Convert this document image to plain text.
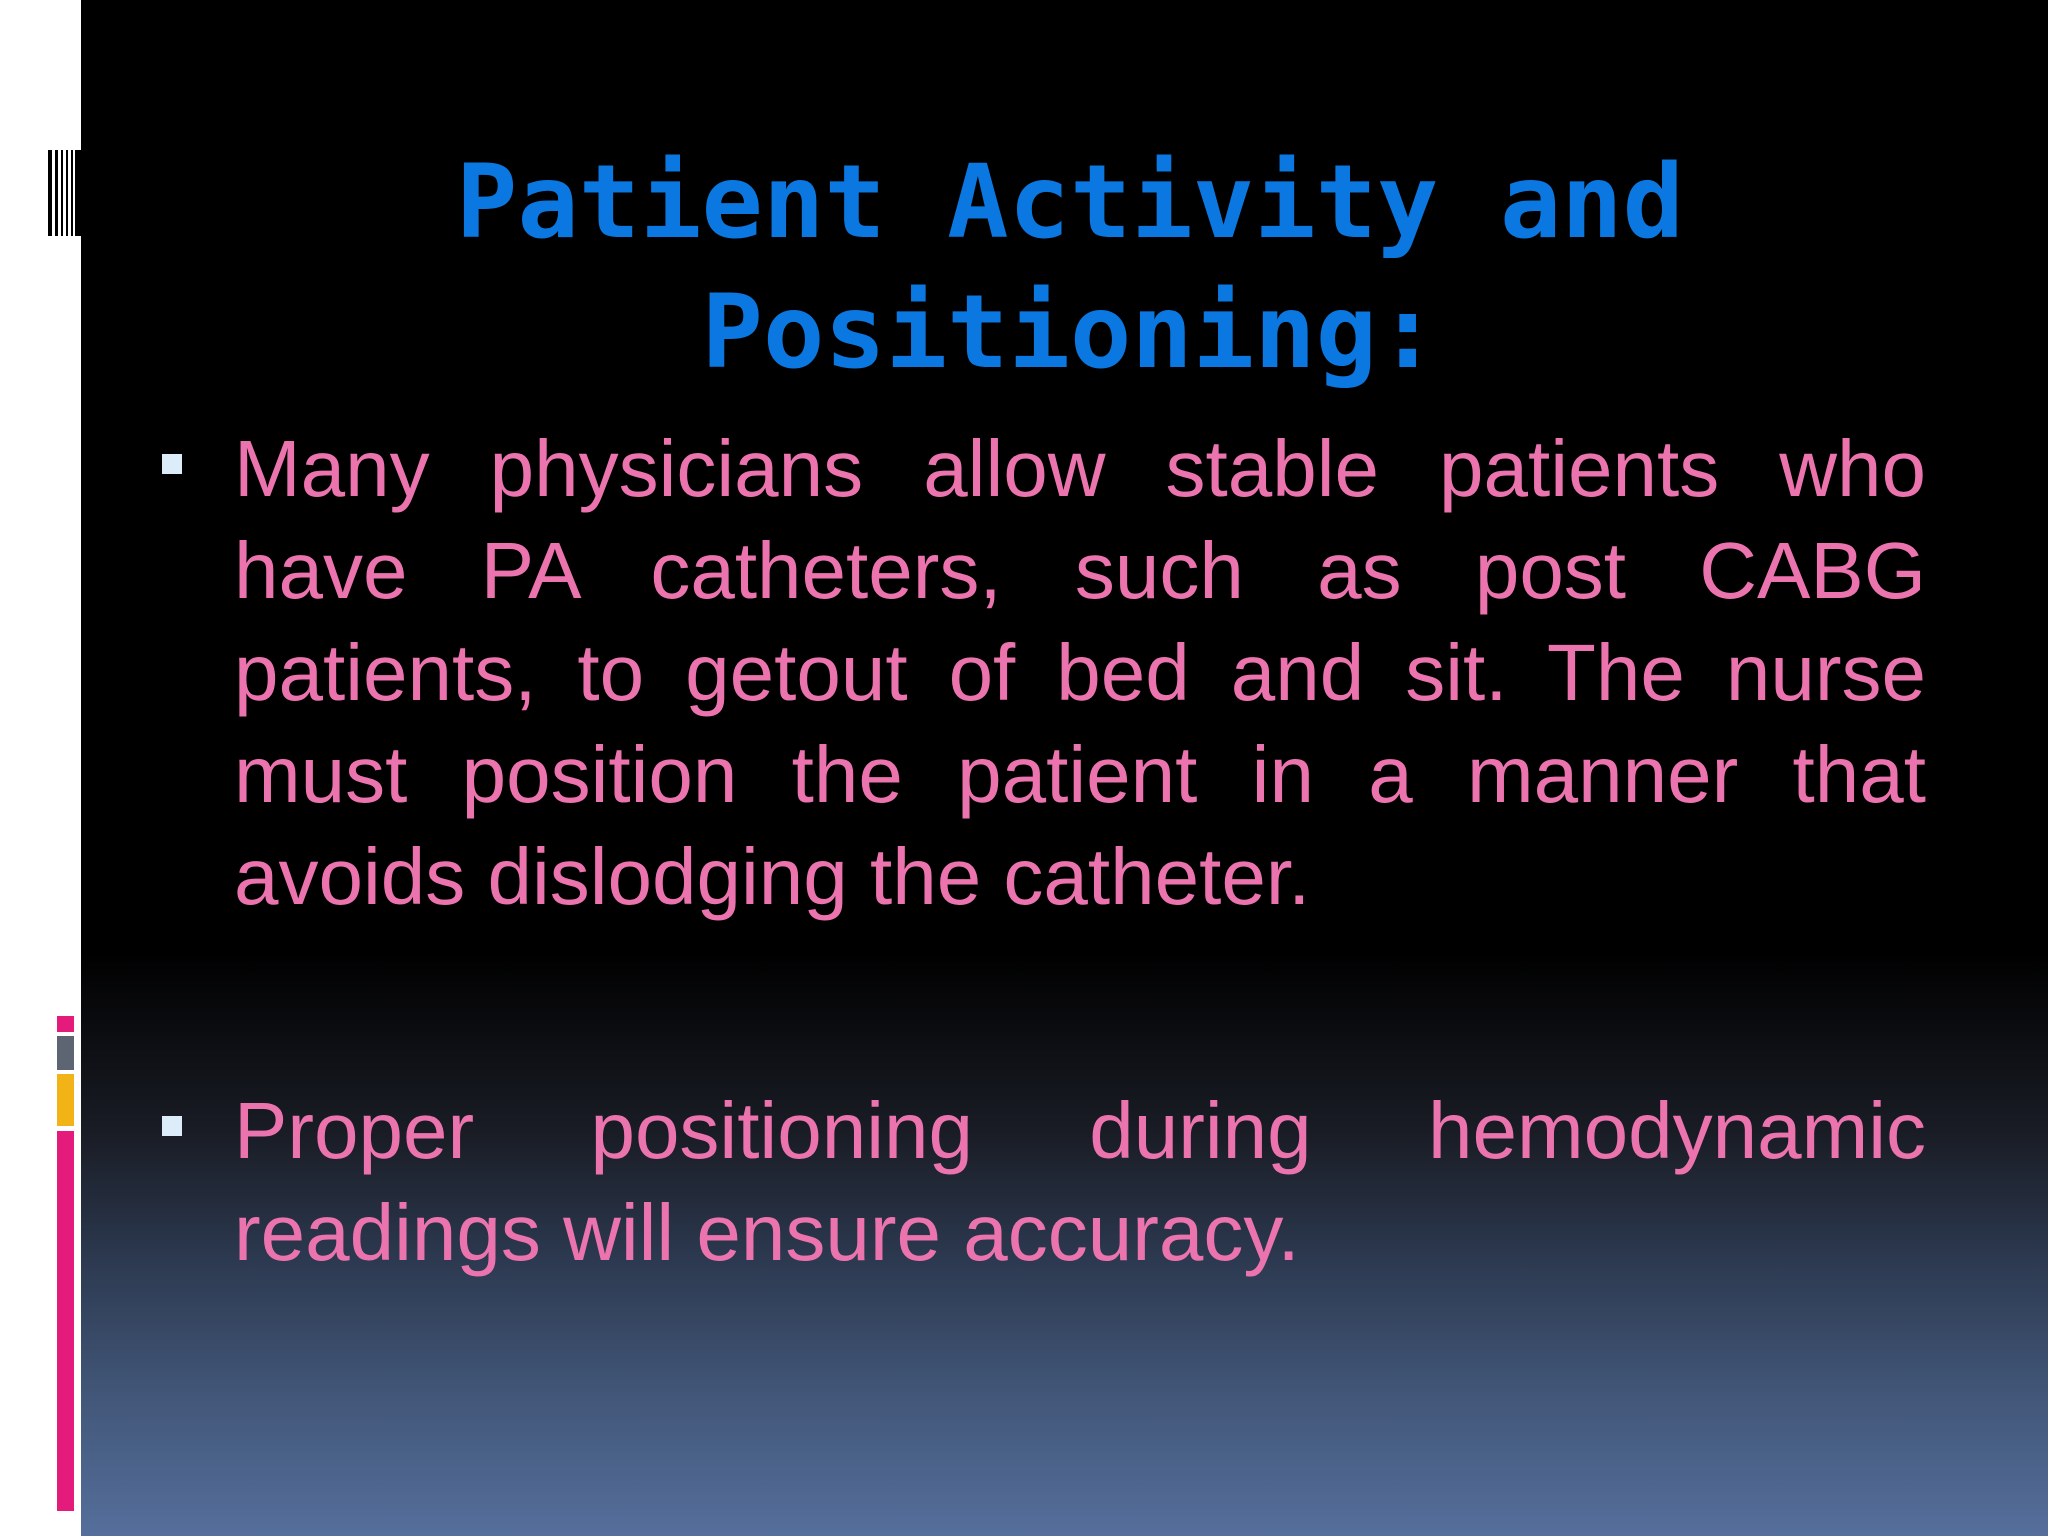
Patient Activity and Positioning:
Many physicians allow stable patients who have PA catheters, such as post CABG patients, to getout of bed and sit. The nurse must position the patient in a manner that avoids dislodging the catheter.
Proper positioning during hemodynamic readings will ensure accuracy.
